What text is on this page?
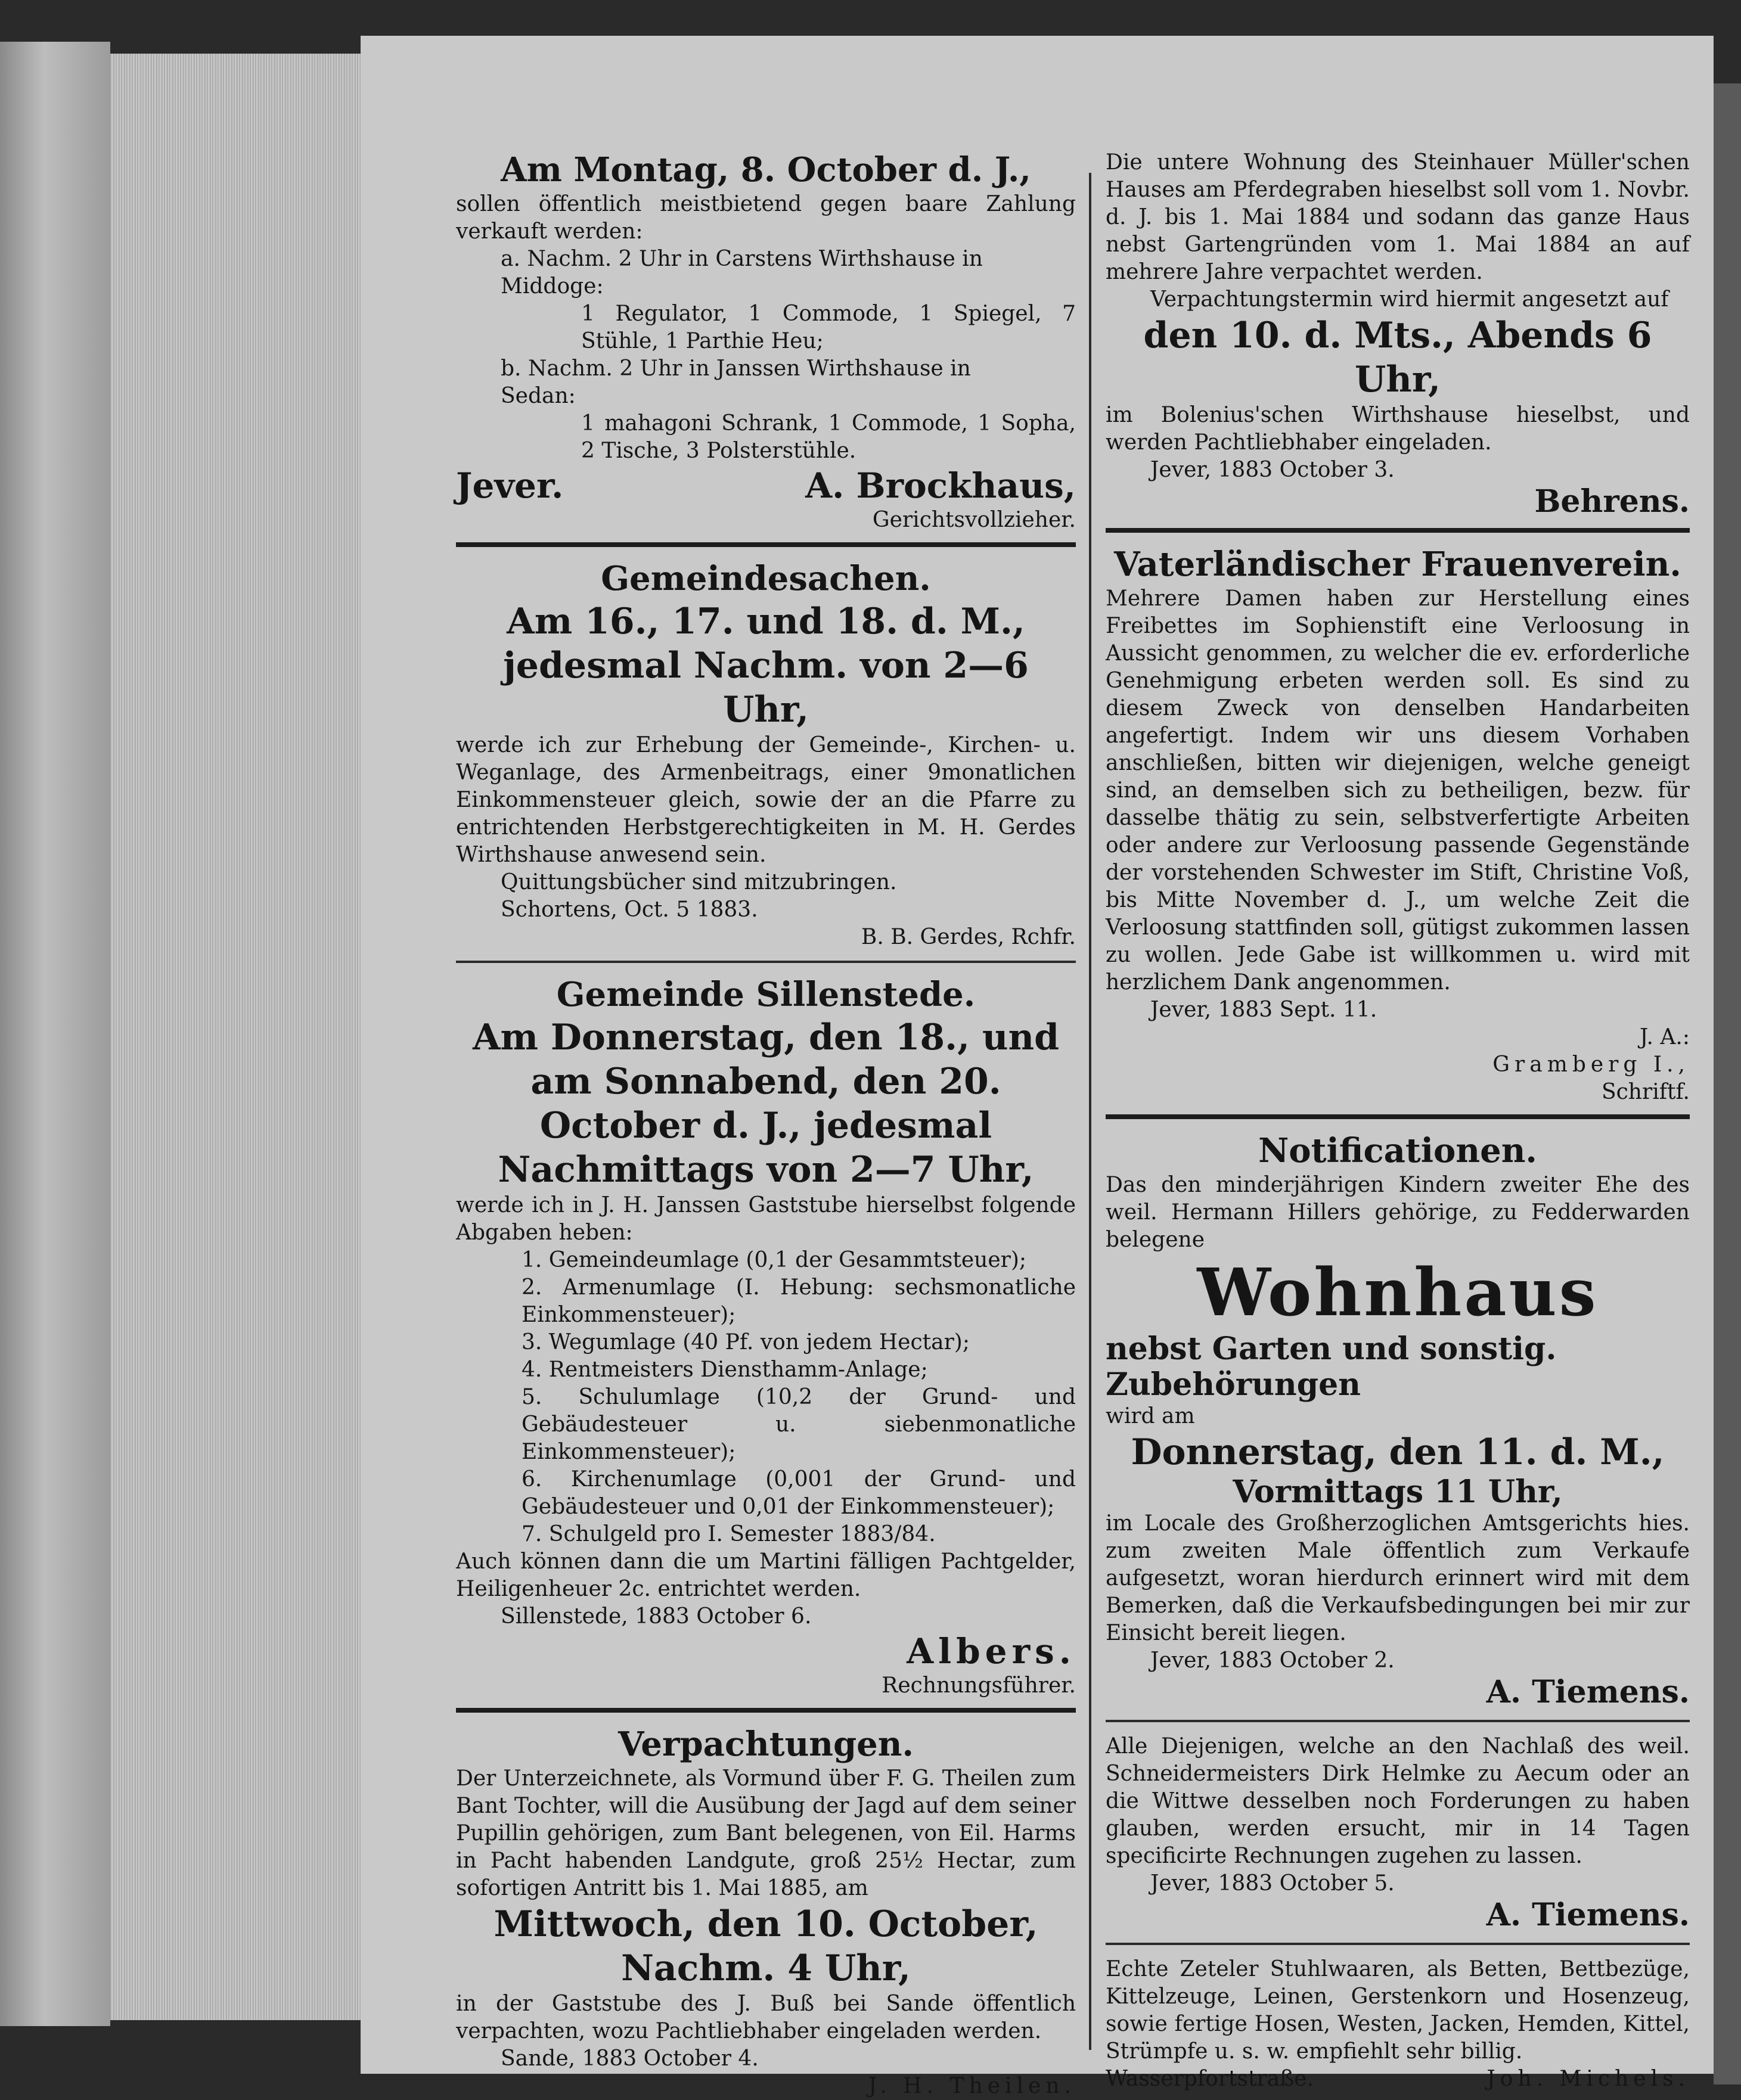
Am Montag, 8. October d. J.,

sollen öffentlich meistbietend gegen baare Zahlung verkauft werden:

a. Nachm. 2 Uhr in Carstens Wirthshause in

Middoge:

1 Regulator, 1 Commode, 1 Spiegel, 7 Stühle, 1 Parthie Heu;

b. Nachm. 2 Uhr in Janssen Wirthshause in

Sedan:

1 mahagoni Schrank, 1 Commode, 1 Sopha, 2 Tische, 3 Polsterstühle.

Jever.	A. Brockhaus,

Gerichtsvollzieher.

Gemeindesachen.

Am 16., 17. und 18. d. M., jedesmal Nachm. von 2—6 Uhr,

werde ich zur Erhebung der Gemeinde-, Kirchen- u. Weganlage, des Armenbeitrags, einer 9monatlichen Einkommensteuer gleich, sowie der an die Pfarre zu entrichtenden Herbstgerechtigkeiten in M. H. Gerdes Wirthshause anwesend sein.

Quittungsbücher sind mitzubringen.

Schortens, Oct. 5 1883.

B. B. Gerdes, Rchfr.

Gemeinde Sillenstede.

Am Donnerstag, den 18., und am Sonnabend, den 20. October d. J., jedesmal Nachmittags von 2—7 Uhr,

werde ich in J. H. Janssen Gaststube hierselbst folgende Abgaben heben:

1. Gemeindeumlage (0,1 der Gesammtsteuer);

2. Armenumlage (I. Hebung: sechsmonatliche Einkommensteuer);

3. Wegumlage (40 Pf. von jedem Hectar);

4. Rentmeisters Diensthamm-Anlage;

5. Schulumlage (10,2 der Grund- und Gebäudesteuer u. siebenmonatliche Einkommensteuer);

6. Kirchenumlage (0,001 der Grund- und Gebäudesteuer und 0,01 der Einkommensteuer);

7. Schulgeld pro I. Semester 1883/84.

Auch können dann die um Martini fälligen Pachtgelder, Heiligenheuer 2c. entrichtet werden.

Sillenstede, 1883 October 6.

Albers.

Rechnungsführer.

Verpachtungen.

Der Unterzeichnete, als Vormund über F. G. Theilen zum Bant Tochter, will die Ausübung der Jagd auf dem seiner Pupillin gehörigen, zum Bant belegenen, von Eil. Harms in Pacht habenden Landgute, groß 25½ Hectar, zum sofortigen Antritt bis 1. Mai 1885, am

Mittwoch, den 10. October,

Nachm. 4 Uhr,

in der Gaststube des J. Buß bei Sande öffentlich verpachten, wozu Pachtliebhaber eingeladen werden.

Sande, 1883 October 4.

J. H. Theilen.

Die untere Wohnung des Steinhauer Müller'schen Hauses am Pferdegraben hieselbst soll vom 1. Novbr. d. J. bis 1. Mai 1884 und sodann das ganze Haus nebst Gartengründen vom 1. Mai 1884 an auf mehrere Jahre verpachtet werden.

Verpachtungstermin wird hiermit angesetzt auf

den 10. d. Mts., Abends 6 Uhr,

im Bolenius'schen Wirthshause hieselbst, und werden Pachtliebhaber eingeladen.

Jever, 1883 October 3.

Behrens.

Vaterländischer Frauenverein.

Mehrere Damen haben zur Herstellung eines Freibettes im Sophienstift eine Verloosung in Aussicht genommen, zu welcher die ev. erforderliche Genehmigung erbeten werden soll. Es sind zu diesem Zweck von denselben Handarbeiten angefertigt. Indem wir uns diesem Vorhaben anschließen, bitten wir diejenigen, welche geneigt sind, an demselben sich zu betheiligen, bezw. für dasselbe thätig zu sein, selbstverfertigte Arbeiten oder andere zur Verloosung passende Gegenstände der vorstehenden Schwester im Stift, Christine Voß, bis Mitte November d. J., um welche Zeit die Verloosung stattfinden soll, gütigst zukommen lassen zu wollen. Jede Gabe ist willkommen u. wird mit herzlichem Dank angenommen.

Jever, 1883 Sept. 11.

J. A.:

Gramberg I.,

Schriftf.

Notificationen.

Das den minderjährigen Kindern zweiter Ehe des weil. Hermann Hillers gehörige, zu Fedderwarden belegene

Wohnhaus

nebst Garten und sonstig. Zubehörungen

wird am

Donnerstag, den 11. d. M.,

Vormittags 11 Uhr,

im Locale des Großherzoglichen Amtsgerichts hies. zum zweiten Male öffentlich zum Verkaufe aufgesetzt, woran hierdurch erinnert wird mit dem Bemerken, daß die Verkaufsbedingungen bei mir zur Einsicht bereit liegen.

Jever, 1883 October 2.

A. Tiemens.

Alle Diejenigen, welche an den Nachlaß des weil. Schneidermeisters Dirk Helmke zu Aecum oder an die Wittwe desselben noch Forderungen zu haben glauben, werden ersucht, mir in 14 Tagen specificirte Rechnungen zugehen zu lassen.

Jever, 1883 October 5.

A. Tiemens.

Echte Zeteler Stuhlwaaren, als Betten, Bettbezüge, Kittelzeuge, Leinen, Gerstenkorn und Hosenzeug, sowie fertige Hosen, Westen, Jacken, Hemden, Kittel, Strümpfe u. s. w. empfiehlt sehr billig.

Wasserpfortstraße.	Joh. Michels.
